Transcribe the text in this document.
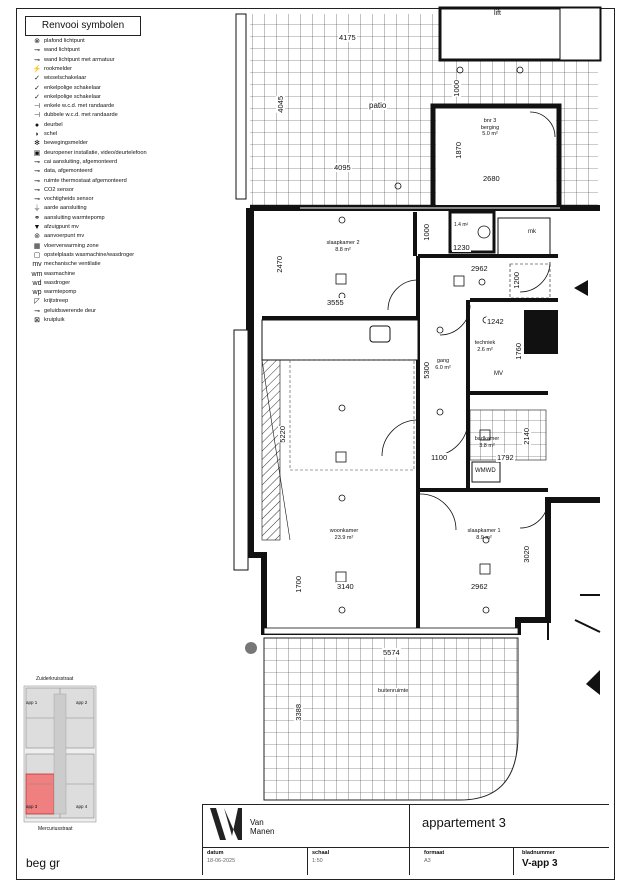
Renvooi symbolen
⊗ plafond lichtpunt
⊸ wand lichtpunt
⊸ wand lichtpunt met armatuur
⚡ rookmelder
✓ wisselschakelaar
✓ enkelpolige schakelaar
✓ enkelpolige schakelaar
⊣ enkele w.c.d. met randaarde
⊣ dubbele w.c.d. met randaarde
● deurbel
◗ schel
✻ bewegingsmelder
▣ deuropener installatie, video/deurtelefoon
⊸ cai aansluiting, afgemonteerd
⊸ data, afgemonteerd
⊸ ruimte thermostaat afgemonteerd
⊸ CO2 sensor
⊸ vochtigheids sensor
⏚ aarde aansluiting
⚭ aansluiting warmtepomp
▼ afzuigpunt mv
⊚ aanvoerpunt mv
▦ vloerverwarming zone
▢ opstelplaats wasmachine/wasdroger
mv mechanische ventilatie
wm wasmachine
wd wasdroger
wp warmtepomp
◸ krijtstreep
⊸ geluidswerende deur
⊠ kruipluik
lift
patio
4175
4045
4095
1000
bnr 3
berging
5.0 m²
1870
2680
slaapkamer 2
8.8 m²
2470
3555
1.4 m²
1230
1000	mk
2962
1200
1242
techniek
2.6 m²	1760
MV
gang
6.0 m²
5300
badkamer
3.8 m²
2140
1792
WMWD
1100
woonkamer
23.9 m²
3140
1700
5220
slaapkamer 1
8.9 m²
3020
2962
5574
3388
buitenruimte
Zuiderkruisstraat
app 1	app 2
app 3	app 4
Mercuriusstraat
beg gr
Van
Manen
appartement 3
datum
18-06-2025
schaal
1:50
formaat
A3
bladnummer
V-app 3
